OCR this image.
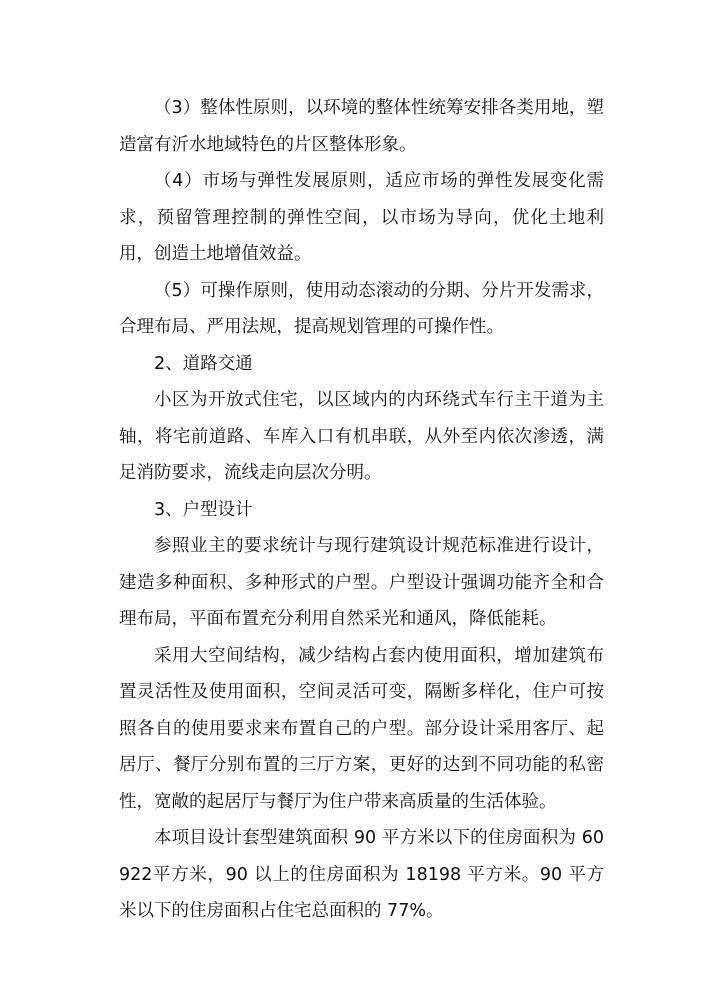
（3）整体性原则，以环境的整体性统筹安排各类用地，塑造富有沂水地域特色的片区整体形象。

（4）市场与弹性发展原则，适应市场的弹性发展变化需求，预留管理控制的弹性空间，以市场为导向，优化土地利用，创造土地增值效益。

（5）可操作原则，使用动态滚动的分期、分片开发需求，合理布局、严用法规，提高规划管理的可操作性。

2、道路交通

小区为开放式住宅，以区域内的内环绕式车行主干道为主轴，将宅前道路、车库入口有机串联，从外至内依次渗透，满足消防要求，流线走向层次分明。

3、户型设计

参照业主的要求统计与现行建筑设计规范标准进行设计，建造多种面积、多种形式的户型。户型设计强调功能齐全和合理布局，平面布置充分利用自然采光和通风，降低能耗。

采用大空间结构，减少结构占套内使用面积，增加建筑布置灵活性及使用面积，空间灵活可变，隔断多样化，住户可按照各自的使用要求来布置自己的户型。部分设计采用客厅、起居厅、餐厅分别布置的三厅方案，更好的达到不同功能的私密性，宽敞的起居厅与餐厅为住户带来高质量的生活体验。

本项目设计套型建筑面积 90 平方米以下的住房面积为 60922平方米，90 以上的住房面积为 18198 平方米。90 平方米以下的住房面积占住宅总面积的 77%。
